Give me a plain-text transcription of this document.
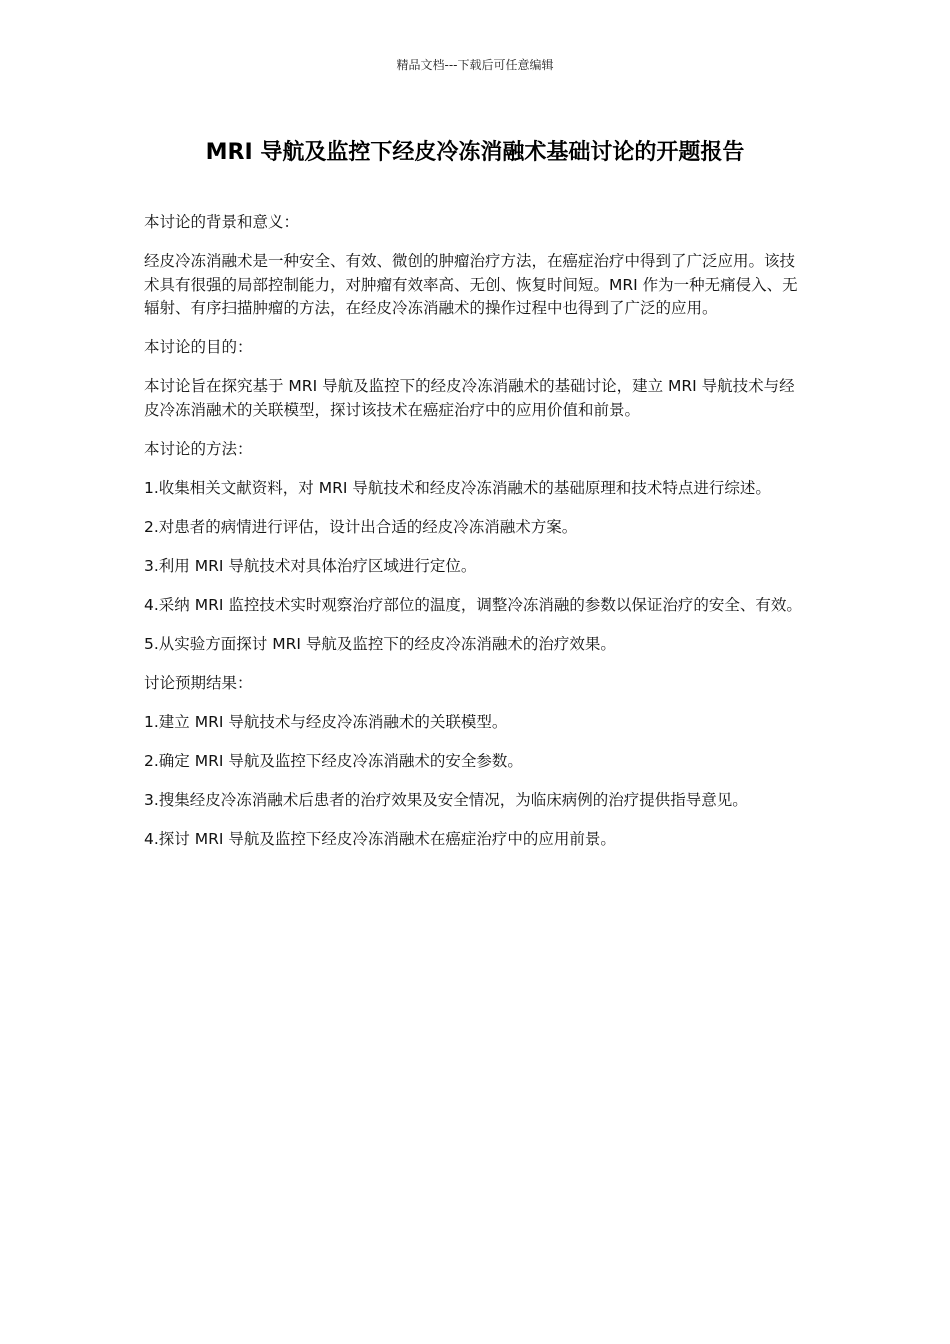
精品文档---下载后可任意编辑
MRI 导航及监控下经皮冷冻消融术基础讨论的开题报告

本讨论的背景和意义：

经皮冷冻消融术是一种安全、有效、微创的肿瘤治疗方法，在癌症治疗中得到了广泛应用。该技术具有很强的局部控制能力，对肿瘤有效率高、无创、恢复时间短。MRI 作为一种无痛侵入、无辐射、有序扫描肿瘤的方法，在经皮冷冻消融术的操作过程中也得到了广泛的应用。

本讨论的目的：

本讨论旨在探究基于 MRI 导航及监控下的经皮冷冻消融术的基础讨论，建立 MRI 导航技术与经皮冷冻消融术的关联模型，探讨该技术在癌症治疗中的应用价值和前景。

本讨论的方法：

1.收集相关文献资料，对 MRI 导航技术和经皮冷冻消融术的基础原理和技术特点进行综述。

2.对患者的病情进行评估，设计出合适的经皮冷冻消融术方案。

3.利用 MRI 导航技术对具体治疗区域进行定位。

4.采纳 MRI 监控技术实时观察治疗部位的温度，调整冷冻消融的参数以保证治疗的安全、有效。

5.从实验方面探讨 MRI 导航及监控下的经皮冷冻消融术的治疗效果。

讨论预期结果：

1.建立 MRI 导航技术与经皮冷冻消融术的关联模型。

2.确定 MRI 导航及监控下经皮冷冻消融术的安全参数。

3.搜集经皮冷冻消融术后患者的治疗效果及安全情况，为临床病例的治疗提供指导意见。

4.探讨 MRI 导航及监控下经皮冷冻消融术在癌症治疗中的应用前景。
